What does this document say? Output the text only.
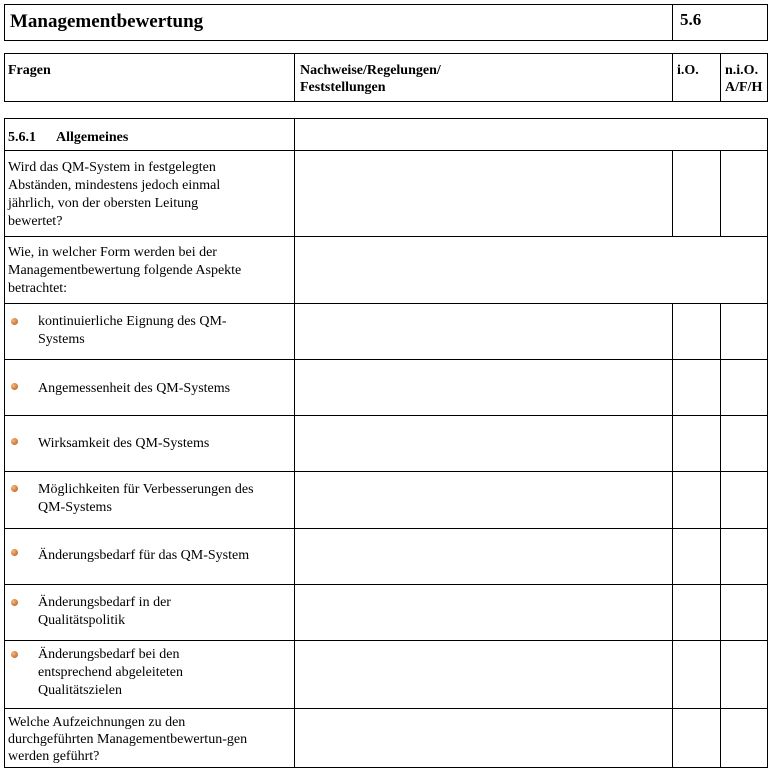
Managementbewertung	5.6
Fragen	Nachweise/Regelungen/
Feststellungen
i.O. n.i.O.
A/F/H
5.6.1 Allgemeines
Wird das QM-System in festgelegten
Abständen, mindestens jedoch einmal
jährlich, von der obersten Leitung
bewertet?
Wie, in welcher Form werden bei der
Managementbewertung folgende Aspekte
betrachtet:
kontinuierliche Eignung des QM-
Systems
Angemessenheit des QM-Systems
Wirksamkeit des QM-Systems
Möglichkeiten für Verbesserungen des
QM-Systems
Änderungsbedarf für das QM-System
Änderungsbedarf in der
Qualitätspolitik
Änderungsbedarf bei den
entsprechend abgeleiteten
Qualitätszielen
Welche Aufzeichnungen zu den
durchgeführten Managementbewertun-gen
werden geführt?
